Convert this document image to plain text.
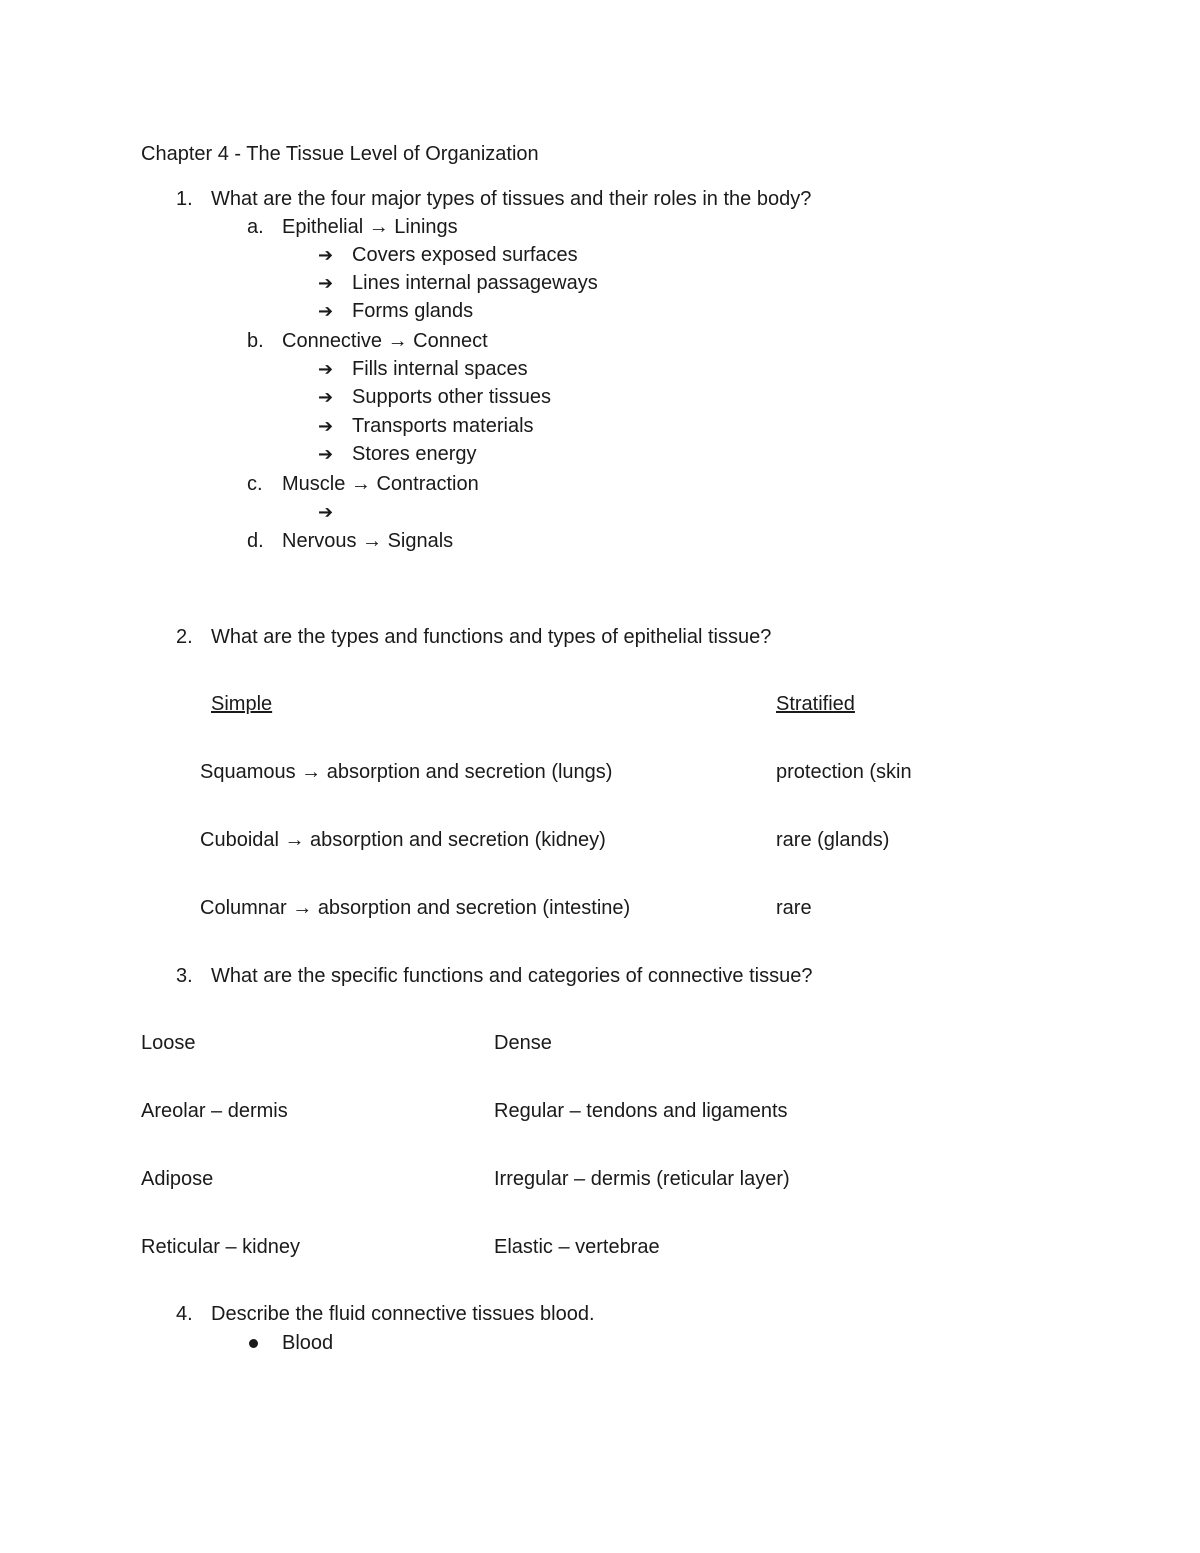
Chapter 4 - The Tissue Level of Organization
1. What are the four major types of tissues and their roles in the body?
a. Epithelial → Linings
➔ Covers exposed surfaces
➔ Lines internal passageways
➔ Forms glands
b. Connective → Connect
➔ Fills internal spaces
➔ Supports other tissues
➔ Transports materials
➔ Stores energy
c. Muscle → Contraction
➔
d. Nervous → Signals
2. What are the types and functions and types of epithelial tissue?
Simple	Stratified
Squamous → absorption and secretion (lungs)	protection (skin
Cuboidal → absorption and secretion (kidney)	rare (glands)
Columnar → absorption and secretion (intestine)	rare
3. What are the specific functions and categories of connective tissue?
Loose	Dense
Areolar – dermis	Regular – tendons and ligaments
Adipose	Irregular – dermis (reticular layer)
Reticular – kidney	Elastic – vertebrae
4. Describe the fluid connective tissues blood.
Blood
